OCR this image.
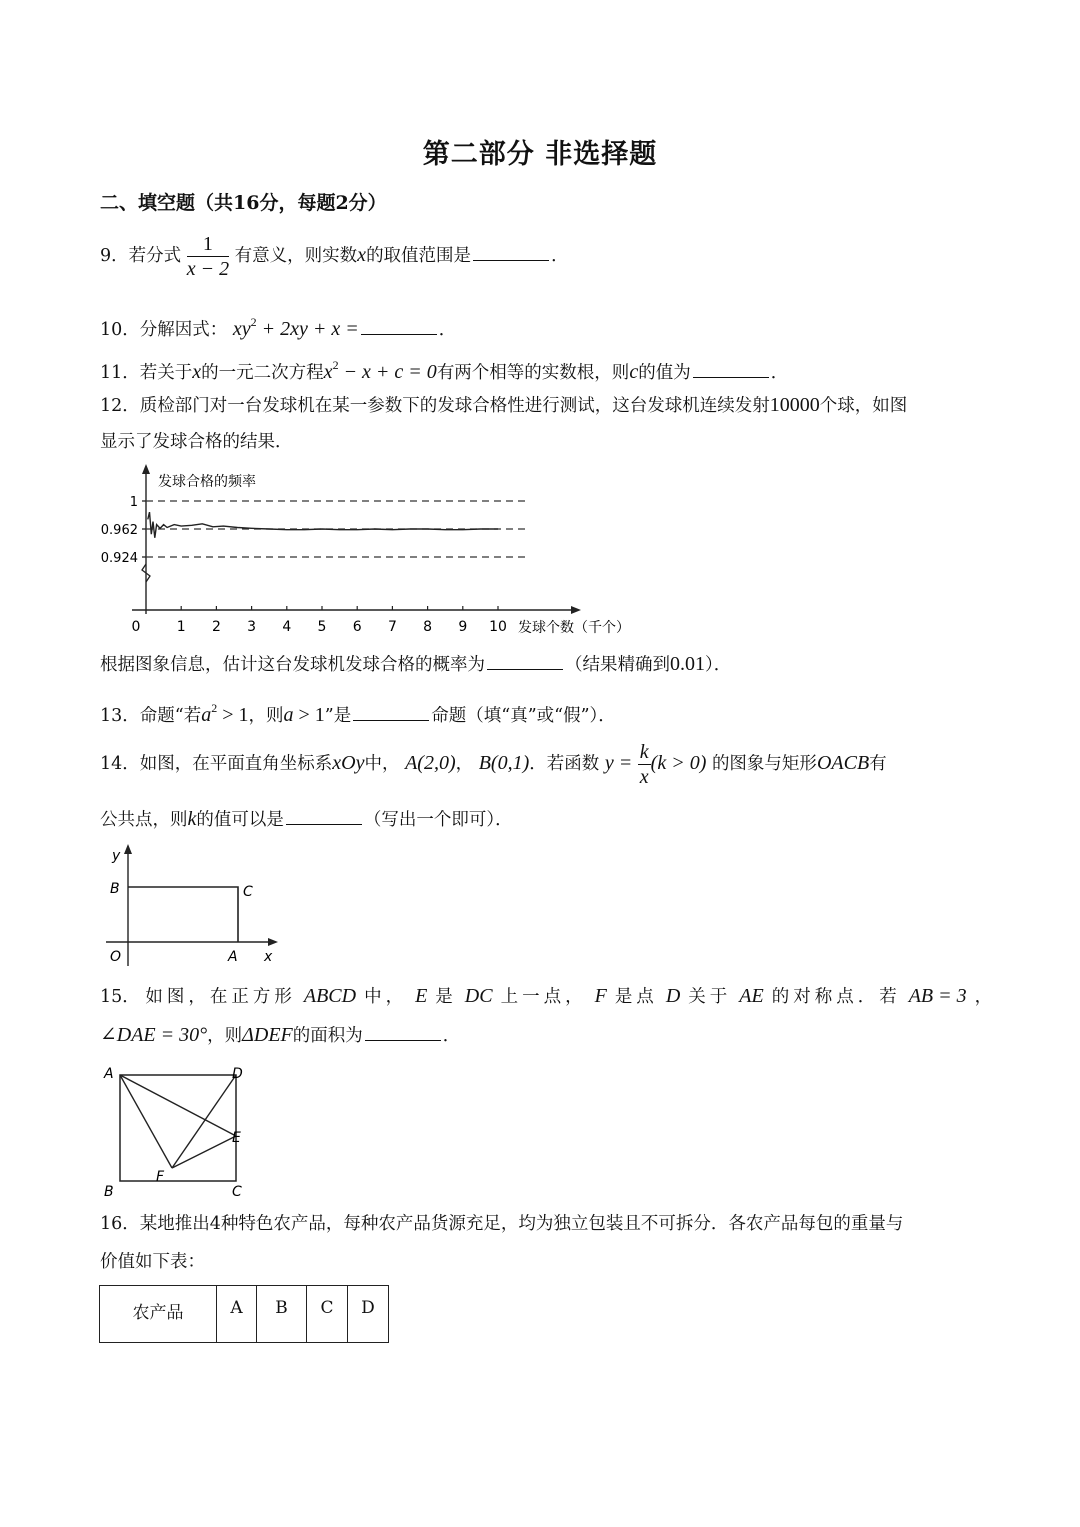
第二部分 非选择题
二、填空题（共16分，每题2分）
9．若分式 $\frac{1}{x - 2}$ 有意义，则实数x的取值范围是	．
10．分解因式： $xy^2 + 2xy + x$ =	．
11．若关于x的一元二次方程$x^2 - x + c = 0$有两个相等的实数根，则c的值为	．
12．质检部门对一台发球机在某一参数下的发球合格性进行测试，这台发球机连续发射10000个球，如图
显示了发球合格的结果．
1
0.962
0.924
0	1 2 3 4 5 6 7 8 9 10
发球合格的频率
发球个数（千个）
根据图象信息，估计这台发球机发球合格的概率为	（结果精确到0.01）．
13．命题“若$a^2 > 1$，则a > 1”是	命题（填“真”或“假”）．
14．如图，在平面直角坐标系xOy中， A(2,0)， B(0,1)．若函数 $y = \frac{k}{x} (k > 0)$ 的图象与矩形OACB有
公共点，则k的值可以是	（写出一个即可）．
y
x
O	A
B	C
15． 如图，在正方形 ABCD 中， E 是 DC 上一点， F 是点 D 关于 AE 的对称点．若 AB = 3 ，
∠DAE = 30°，则ΔDEF的面积为	．
A	D
E
F
B	C
16．某地推出4种特色农产品，每种农产品货源充足，均为独立包装且不可拆分．各农产品每包的重量与
价值如下表：
农产品	A	B	C	D
